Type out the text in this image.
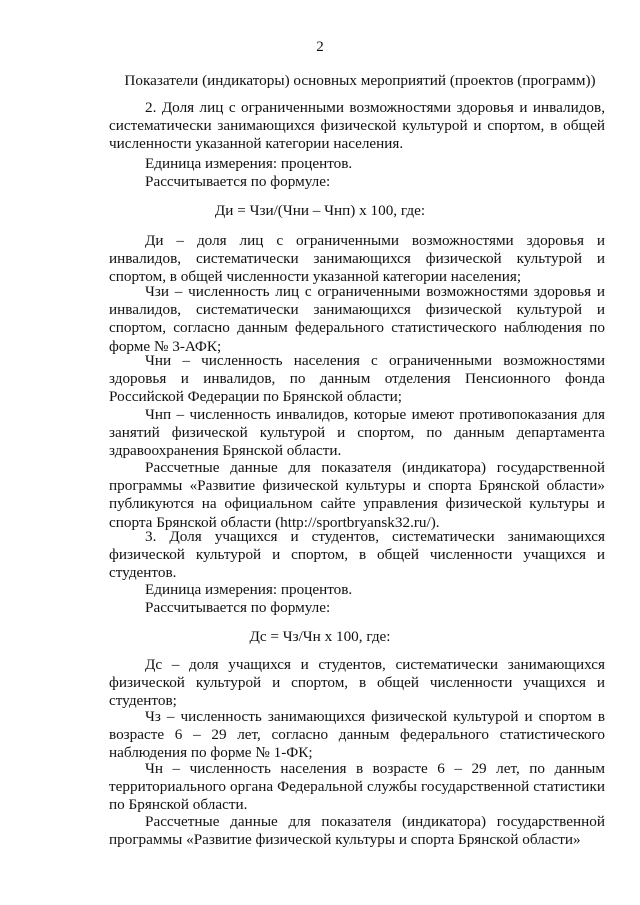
2
Показатели (индикаторы) основных мероприятий (проектов (программ))
2. Доля лиц с ограниченными возможностями здоровья и инвалидов, систематически занимающихся физической культурой и спортом, в общей численности указанной категории населения.
Единица измерения: процентов.
Рассчитывается по формуле:
Ди = Чзи/(Чни – Чнп) x 100, где:
Ди – доля лиц с ограниченными возможностями здоровья и инвалидов, систематически занимающихся физической культурой и спортом, в общей численности указанной категории населения;
Чзи – численность лиц с ограниченными возможностями здоровья и инвалидов, систематически занимающихся физической культурой и спортом, согласно данным федерального статистического наблюдения по форме № 3-АФК;
Чни – численность населения с ограниченными возможностями здоровья и инвалидов, по данным отделения Пенсионного фонда Российской Федерации по Брянской области;
Чнп – численность инвалидов, которые имеют противопоказания для занятий физической культурой и спортом, по данным департамента здравоохранения Брянской области.
Рассчетные данные для показателя (индикатора) государственной программы «Развитие физической культуры и спорта Брянской области» публикуются на официальном сайте управления физической культуры и спорта Брянской области (http://sportbryansk32.ru/).
3. Доля учащихся и студентов, систематически занимающихся физической культурой и спортом, в общей численности учащихся и студентов.
Единица измерения: процентов.
Рассчитывается по формуле:
Дс = Чз/Чн x 100, где:
Дс – доля учащихся и студентов, систематически занимающихся физической культурой и спортом, в общей численности учащихся и студентов;
Чз – численность занимающихся физической культурой и спортом в возрасте 6 – 29 лет, согласно данным федерального статистического наблюдения по форме № 1-ФК;
Чн – численность населения в возрасте 6 – 29 лет, по данным территориального органа Федеральной службы государственной статистики по Брянской области.
Рассчетные данные для показателя (индикатора) государственной программы «Развитие физической культуры и спорта Брянской области»
